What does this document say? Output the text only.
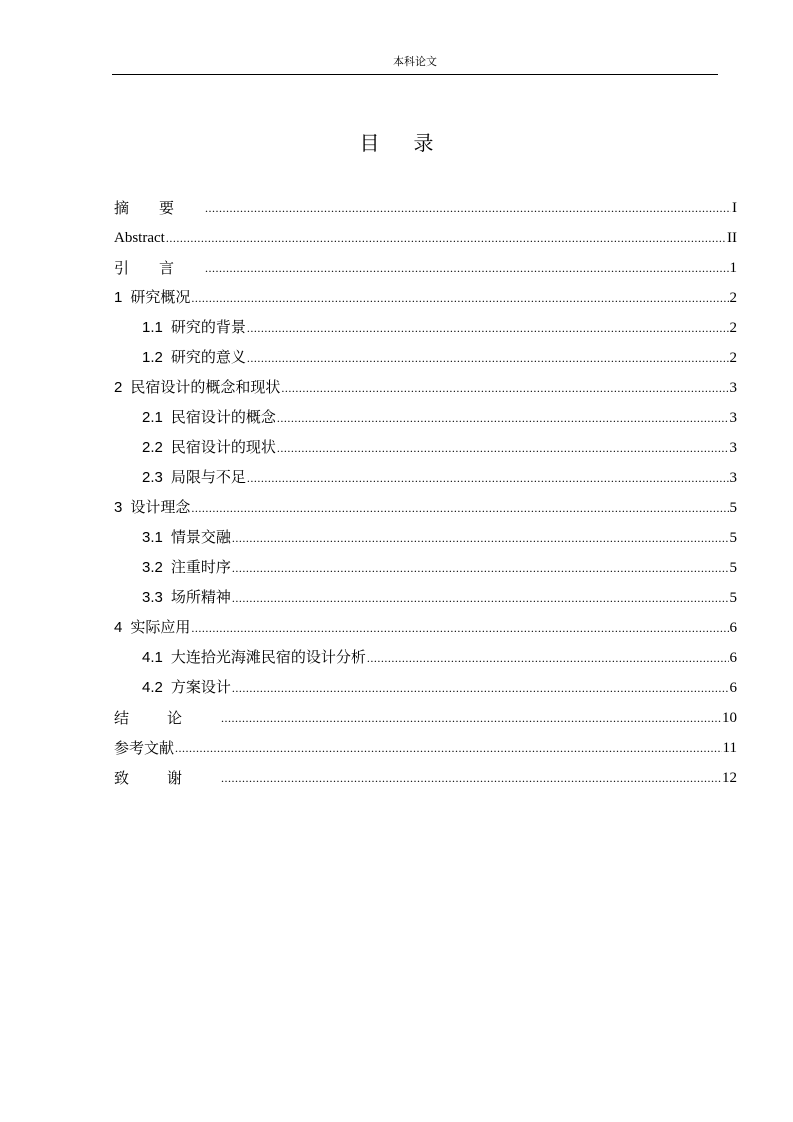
本科论文
目录
摘要 .....	I
Abstract .....	II
引言 .....	1
1 研究概况 .....	2
1.1 研究的背景 .....	2
1.2 研究的意义 .....	2
2 民宿设计的概念和现状 .....	3
2.1 民宿设计的概念 .....	3
2.2 民宿设计的现状 .....	3
2.3 局限与不足 .....	3
3 设计理念 .....	5
3.1 情景交融 .....	5
3.2 注重时序 .....	5
3.3 场所精神 .....	5
4 实际应用 .....	6
4.1 大连拾光海滩民宿的设计分析 .....	6
4.2 方案设计 .....	6
结论 .....	10
参考文献 .....	11
致谢 .....	12
